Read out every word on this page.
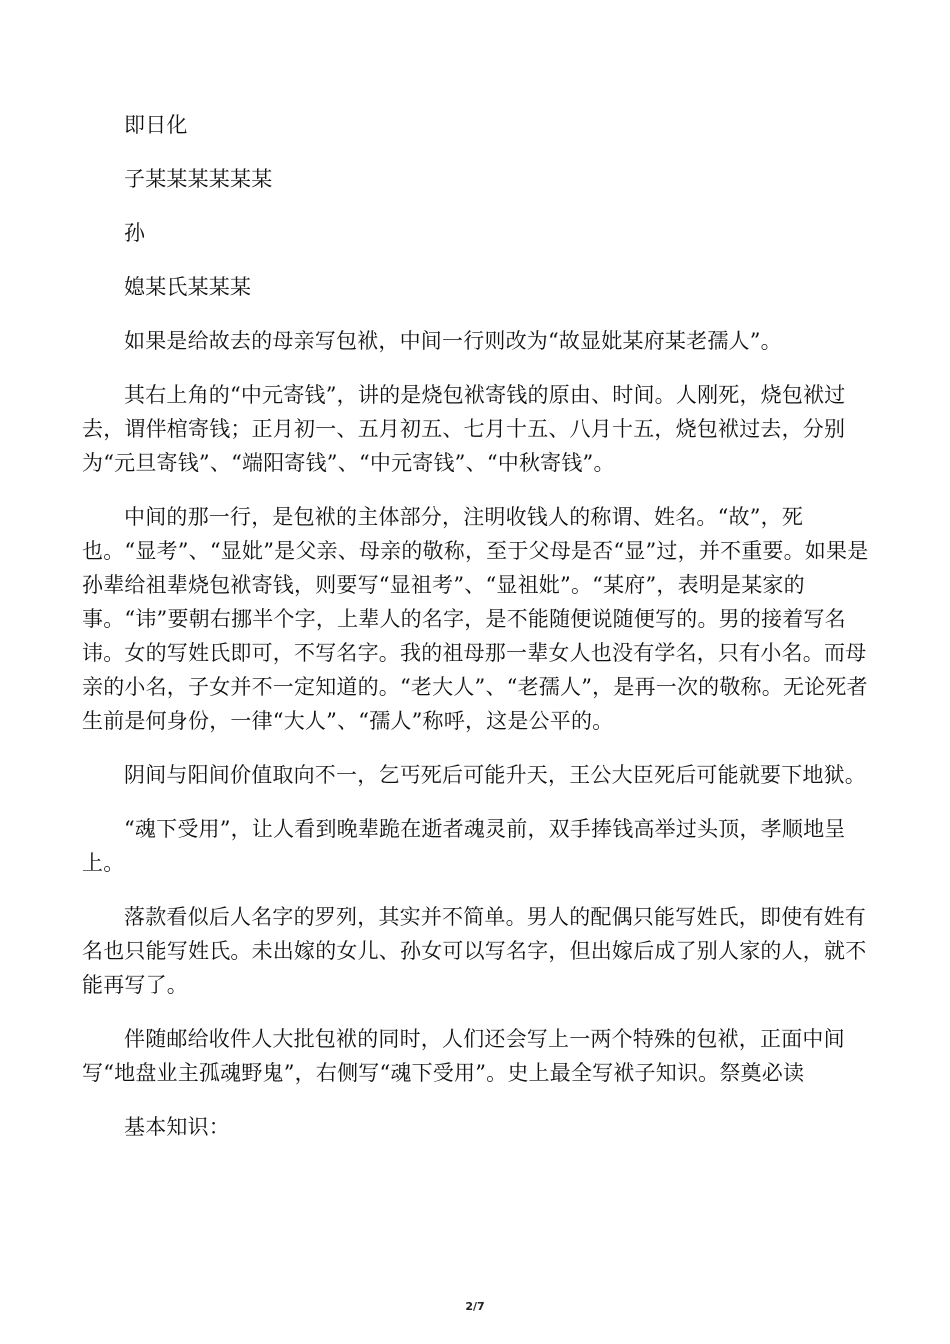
即日化

子某某某某某某

孙

媳某氏某某某

如果是给故去的母亲写包袱，中间一行则改为“故显妣某府某老孺人”。

其右上角的“中元寄钱”，讲的是烧包袱寄钱的原由、时间。人刚死，烧包袱过去，谓伴棺寄钱；正月初一、五月初五、七月十五、八月十五，烧包袱过去，分别为“元旦寄钱”、“端阳寄钱”、“中元寄钱”、“中秋寄钱”。

中间的那一行，是包袱的主体部分，注明收钱人的称谓、姓名。“故”，死也。“显考”、“显妣”是父亲、母亲的敬称，至于父母是否“显”过，并不重要。如果是孙辈给祖辈烧包袱寄钱，则要写“显祖考”、“显祖妣”。“某府”，表明是某家的事。“讳”要朝右挪半个字，上辈人的名字，是不能随便说随便写的。男的接着写名讳。女的写姓氏即可，不写名字。我的祖母那一辈女人也没有学名，只有小名。而母亲的小名，子女并不一定知道的。“老大人”、“老孺人”，是再一次的敬称。无论死者生前是何身份，一律“大人”、“孺人”称呼，这是公平的。

阴间与阳间价值取向不一，乞丐死后可能升天，王公大臣死后可能就要下地狱。

“魂下受用”，让人看到晚辈跪在逝者魂灵前，双手捧钱高举过头顶，孝顺地呈上。

落款看似后人名字的罗列，其实并不简单。男人的配偶只能写姓氏，即使有姓有名也只能写姓氏。未出嫁的女儿、孙女可以写名字，但出嫁后成了别人家的人，就不能再写了。

伴随邮给收件人大批包袱的同时，人们还会写上一两个特殊的包袱，正面中间写“地盘业主孤魂野鬼”，右侧写“魂下受用”。史上最全写袱子知识。祭奠必读

基本知识：

2/7
